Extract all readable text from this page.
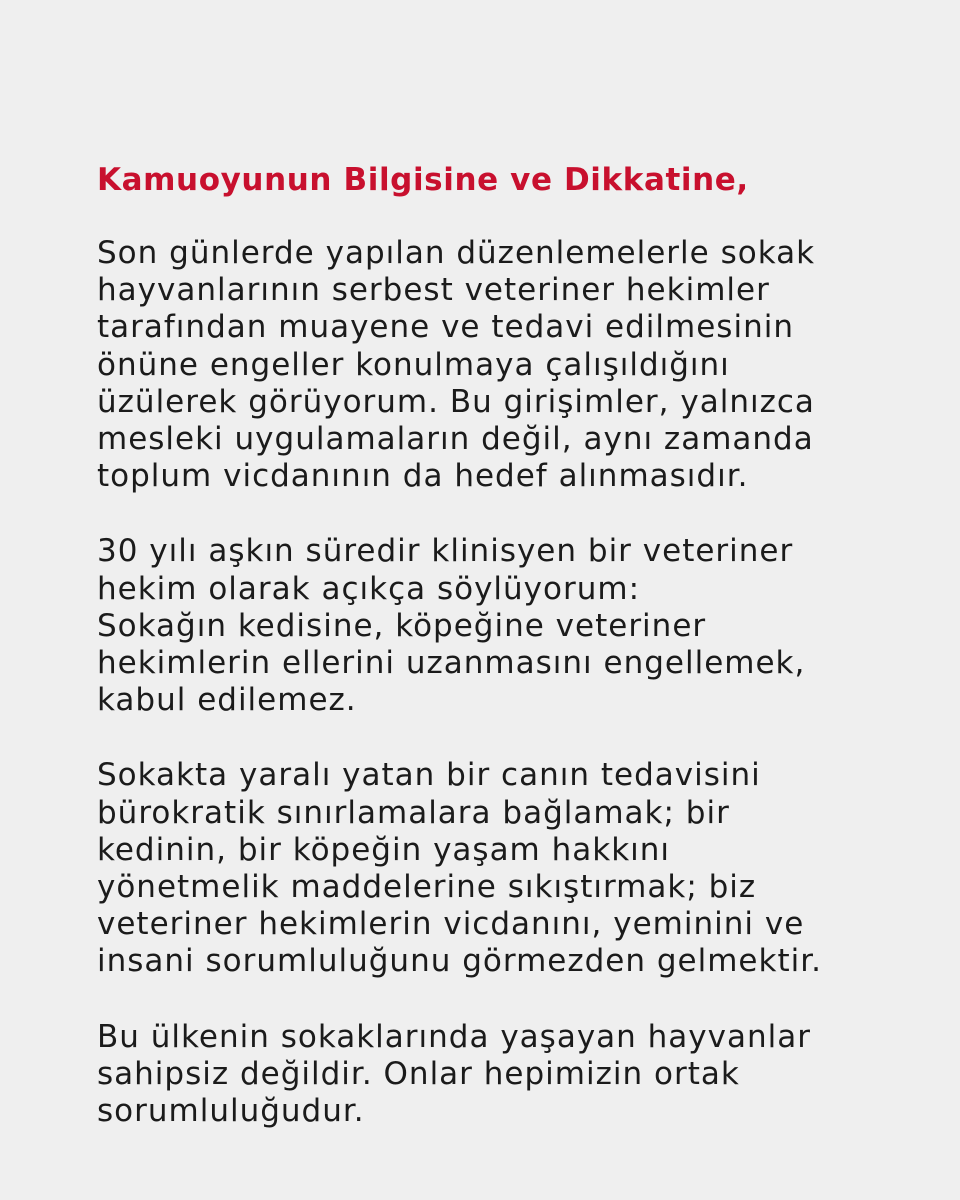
Kamuoyunun Bilgisine ve Dikkatine,
Son günlerde yapılan düzenlemelerle sokak
hayvanlarının serbest veteriner hekimler
tarafından muayene ve tedavi edilmesinin
önüne engeller konulmaya çalışıldığını
üzülerek görüyorum. Bu girişimler, yalnızca
mesleki uygulamaların değil, aynı zamanda
toplum vicdanının da hedef alınmasıdır.
30 yılı aşkın süredir klinisyen bir veteriner
hekim olarak açıkça söylüyorum:
Sokağın kedisine, köpeğine veteriner
hekimlerin ellerini uzanmasını engellemek,
kabul edilemez.
Sokakta yaralı yatan bir canın tedavisini
bürokratik sınırlamalara bağlamak; bir
kedinin, bir köpeğin yaşam hakkını
yönetmelik maddelerine sıkıştırmak; biz
veteriner hekimlerin vicdanını, yeminini ve
insani sorumluluğunu görmezden gelmektir.
Bu ülkenin sokaklarında yaşayan hayvanlar
sahipsiz değildir. Onlar hepimizin ortak
sorumluluğudur.
